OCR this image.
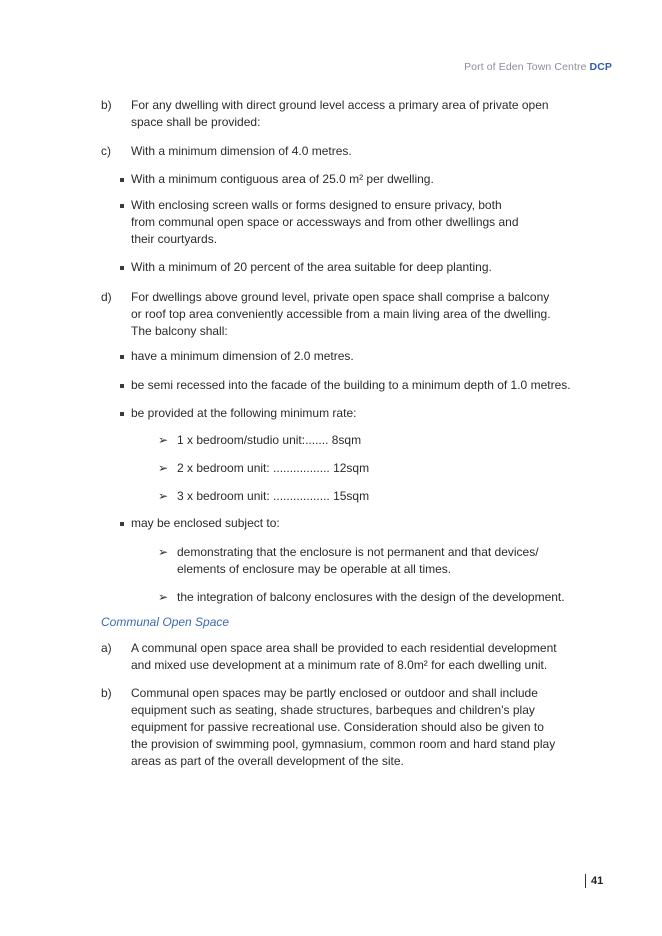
Port of Eden Town Centre DCP
b) For any dwelling with direct ground level access a primary area of private open space shall be provided:
c) With a minimum dimension of 4.0 metres.
With a minimum contiguous area of 25.0 m² per dwelling.
With enclosing screen walls or forms designed to ensure privacy, both from communal open space or accessways and from other dwellings and their courtyards.
With a minimum of 20 percent of the area suitable for deep planting.
d) For dwellings above ground level, private open space shall comprise a balcony or roof top area conveniently accessible from a main living area of the dwelling. The balcony shall:
have a minimum dimension of 2.0 metres.
be semi recessed into the facade of the building to a minimum depth of 1.0 metres.
be provided at the following minimum rate:
➢ 1 x bedroom/studio unit:....... 8sqm
➢ 2 x bedroom unit: ................. 12sqm
➢ 3 x bedroom unit: ................. 15sqm
may be enclosed subject to:
➢ demonstrating that the enclosure is not permanent and that devices/ elements of enclosure may be operable at all times.
➢ the integration of balcony enclosures with the design of the development.
Communal Open Space
a) A communal open space area shall be provided to each residential development and mixed use development at a minimum rate of 8.0m² for each dwelling unit.
b) Communal open spaces may be partly enclosed or outdoor and shall include equipment such as seating, shade structures, barbeques and children's play equipment for passive recreational use. Consideration should also be given to the provision of swimming pool, gymnasium, common room and hard stand play areas as part of the overall development of the site.
41
